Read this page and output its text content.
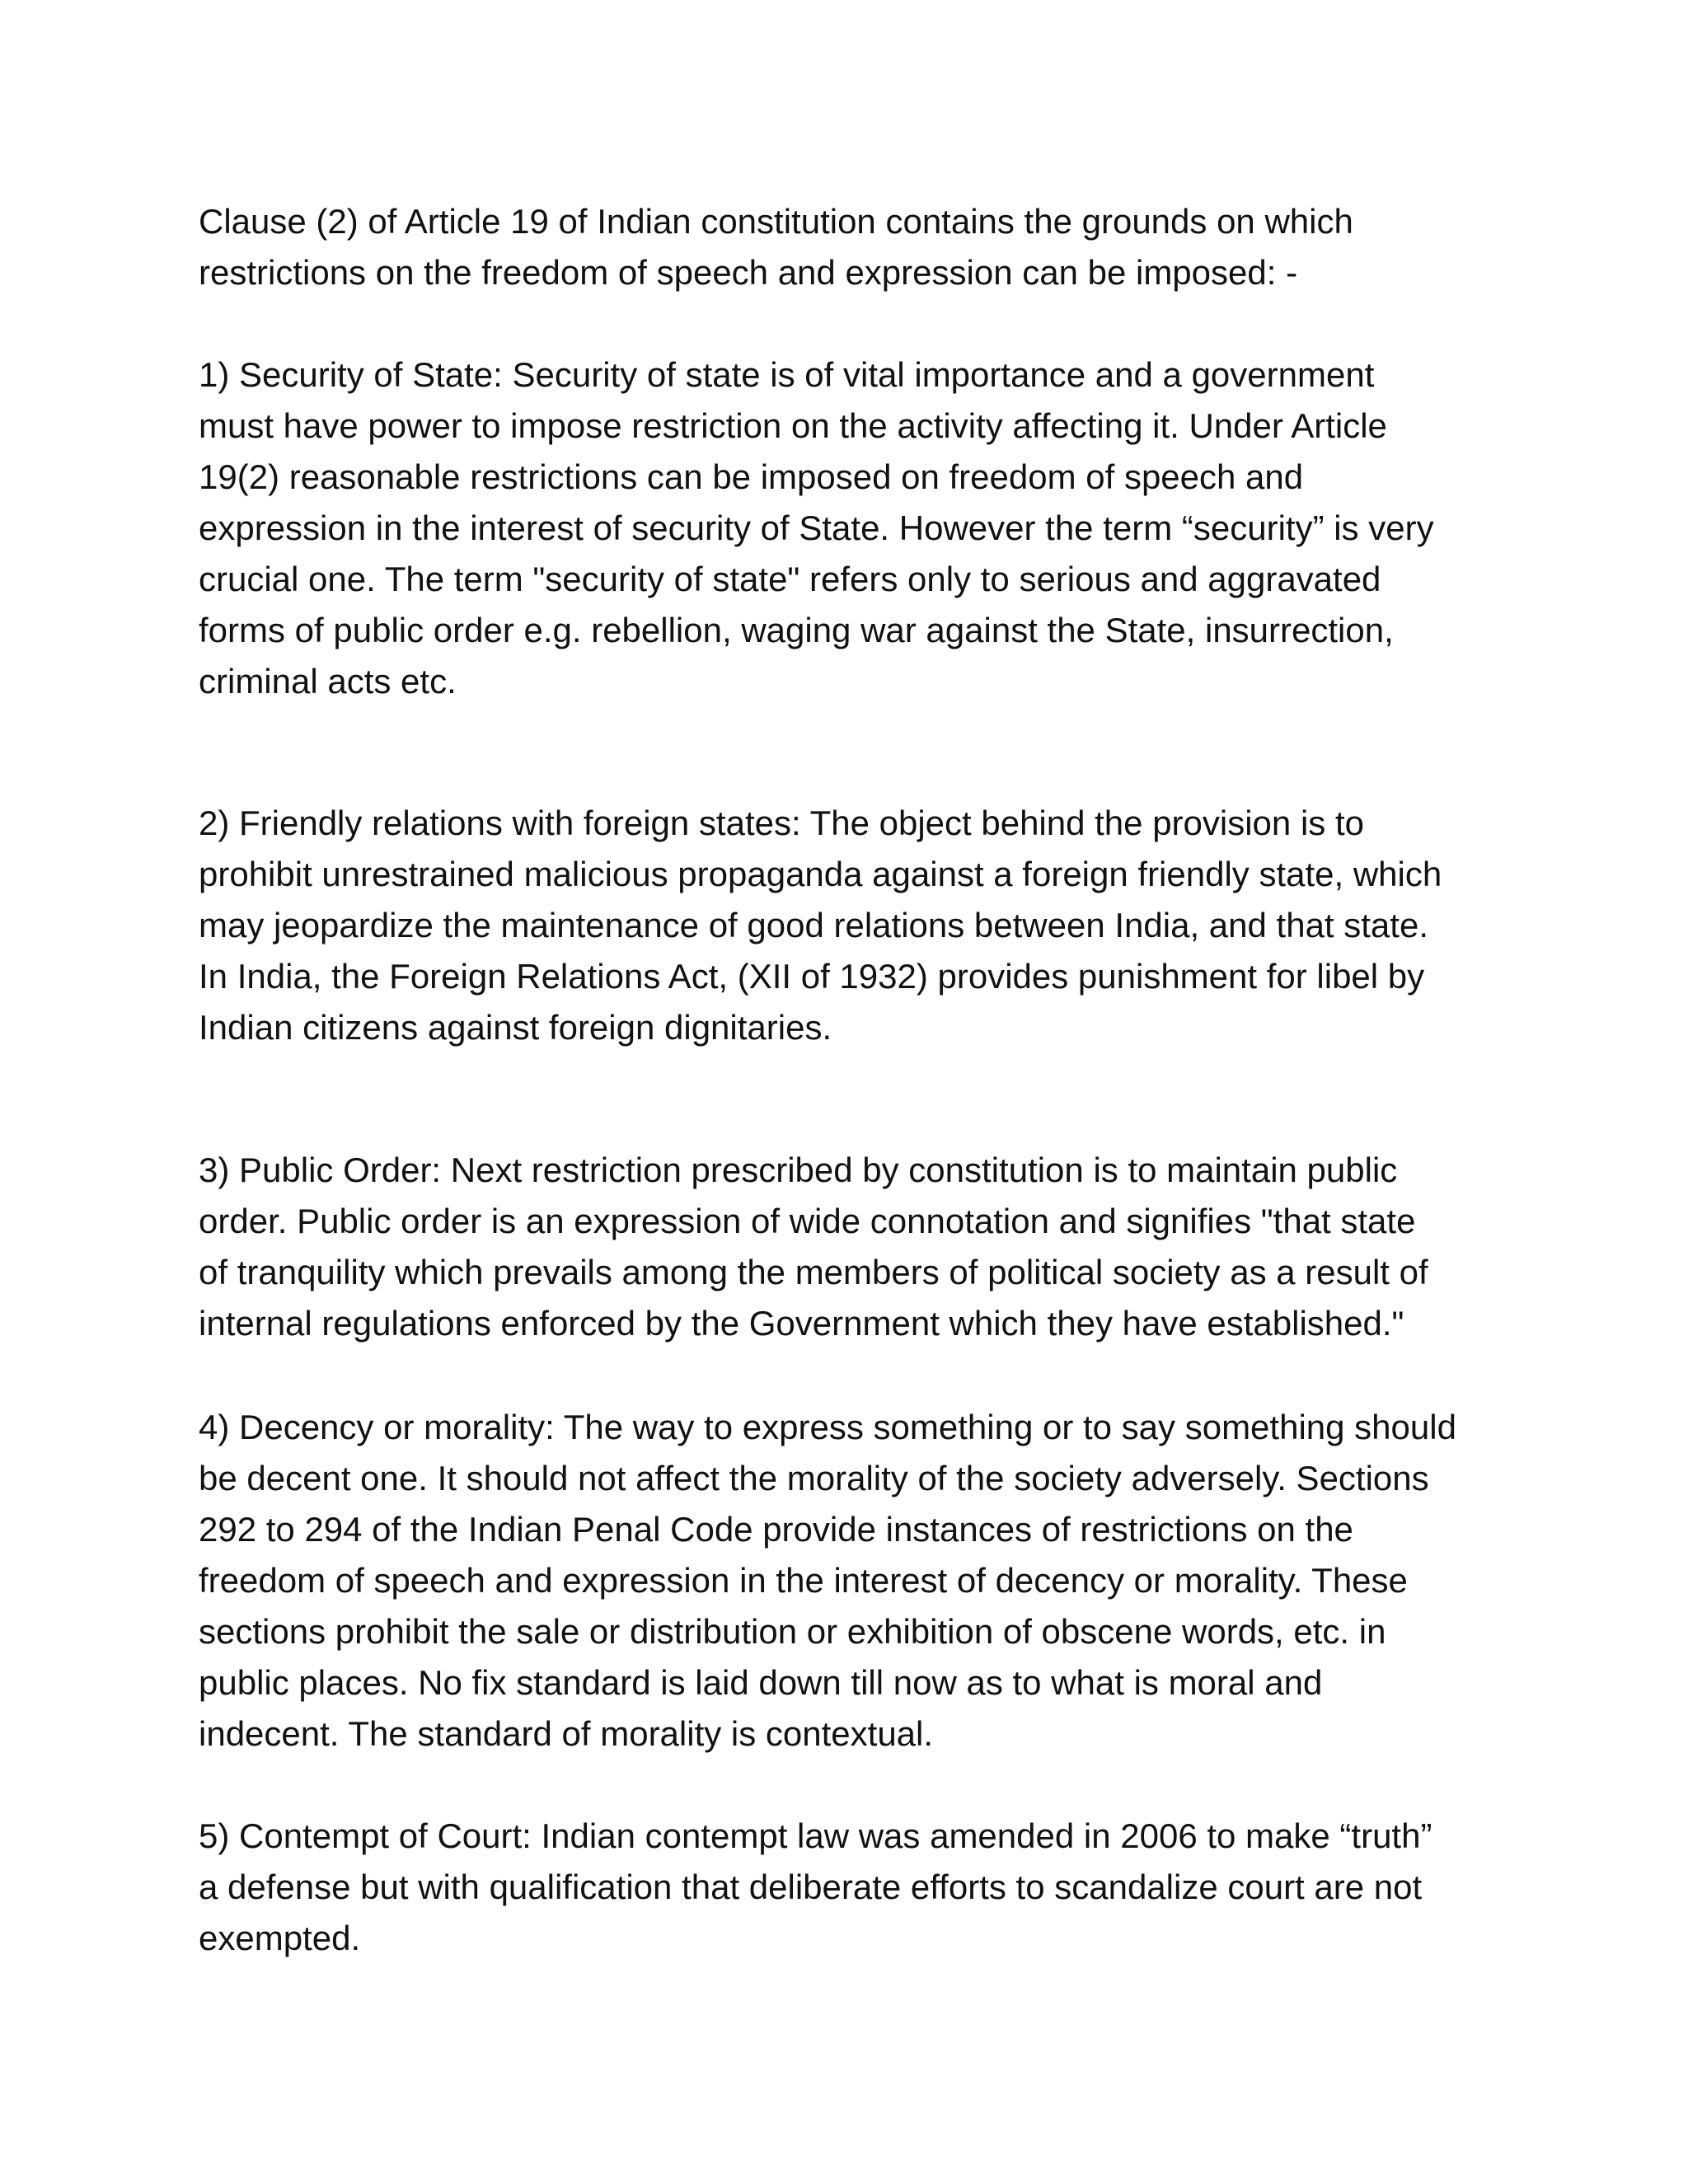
Clause (2) of Article 19 of Indian constitution contains the grounds on which
restrictions on the freedom of speech and expression can be imposed: -

1) Security of State: Security of state is of vital importance and a government
must have power to impose restriction on the activity affecting it. Under Article
19(2) reasonable restrictions can be imposed on freedom of speech and
expression in the interest of security of State. However the term “security” is very
crucial one. The term "security of state" refers only to serious and aggravated
forms of public order e.g. rebellion, waging war against the State, insurrection,
criminal acts etc.

2) Friendly relations with foreign states: The object behind the provision is to
prohibit unrestrained malicious propaganda against a foreign friendly state, which
may jeopardize the maintenance of good relations between India, and that state.
In India, the Foreign Relations Act, (XII of 1932) provides punishment for libel by
Indian citizens against foreign dignitaries.

3) Public Order: Next restriction prescribed by constitution is to maintain public
order. Public order is an expression of wide connotation and signifies "that state
of tranquility which prevails among the members of political society as a result of
internal regulations enforced by the Government which they have established."

4) Decency or morality: The way to express something or to say something should
be decent one. It should not affect the morality of the society adversely. Sections
292 to 294 of the Indian Penal Code provide instances of restrictions on the
freedom of speech and expression in the interest of decency or morality. These
sections prohibit the sale or distribution or exhibition of obscene words, etc. in
public places. No fix standard is laid down till now as to what is moral and
indecent. The standard of morality is contextual.

5) Contempt of Court: Indian contempt law was amended in 2006 to make “truth”
a defense but with qualification that deliberate efforts to scandalize court are not
exempted.
